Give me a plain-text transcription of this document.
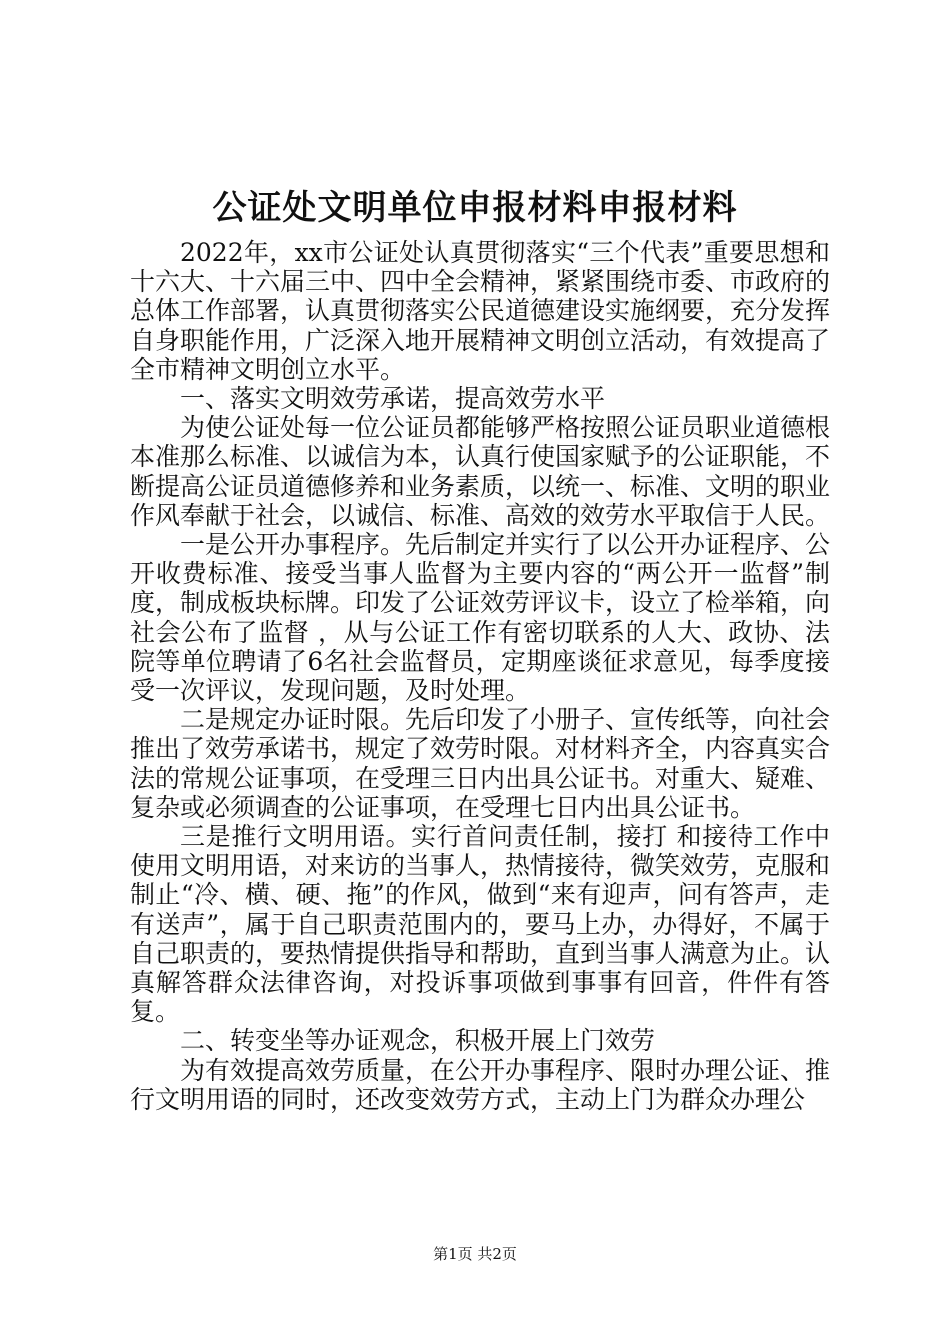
公证处文明单位申报材料申报材料

2022年，xx市公证处认真贯彻落实“三个代表”重要思想和十六大、十六届三中、四中全会精神，紧紧围绕市委、市政府的总体工作部署，认真贯彻落实公民道德建设实施纲要，充分发挥自身职能作用，广泛深入地开展精神文明创立活动，有效提高了全市精神文明创立水平。

一、落实文明效劳承诺，提高效劳水平

为使公证处每一位公证员都能够严格按照公证员职业道德根本准那么标准、以诚信为本，认真行使国家赋予的公证职能，不断提高公证员道德修养和业务素质，以统一、标准、文明的职业作风奉献于社会，以诚信、标准、高效的效劳水平取信于人民。

一是公开办事程序。先后制定并实行了以公开办证程序、公开收费标准、接受当事人监督为主要内容的“两公开一监督”制度，制成板块标牌。印发了公证效劳评议卡，设立了检举箱，向社会公布了监督 ，从与公证工作有密切联系的人大、政协、法院等单位聘请了6名社会监督员，定期座谈征求意见，每季度接受一次评议，发现问题，及时处理。

二是规定办证时限。先后印发了小册子、宣传纸等，向社会推出了效劳承诺书，规定了效劳时限。对材料齐全，内容真实合法的常规公证事项，在受理三日内出具公证书。对重大、疑难、复杂或必须调查的公证事项，在受理七日内出具公证书。

三是推行文明用语。实行首问责任制，接打 和接待工作中使用文明用语，对来访的当事人，热情接待，微笑效劳，克服和制止“冷、横、硬、拖”的作风，做到“来有迎声，问有答声，走有送声”，属于自己职责范围内的，要马上办，办得好，不属于自己职责的，要热情提供指导和帮助，直到当事人满意为止。认真解答群众法律咨询，对投诉事项做到事事有回音，件件有答复。

二、转变坐等办证观念，积极开展上门效劳

为有效提高效劳质量，在公开办事程序、限时办理公证、推行文明用语的同时，还改变效劳方式，主动上门为群众办理公

第1页 共2页
